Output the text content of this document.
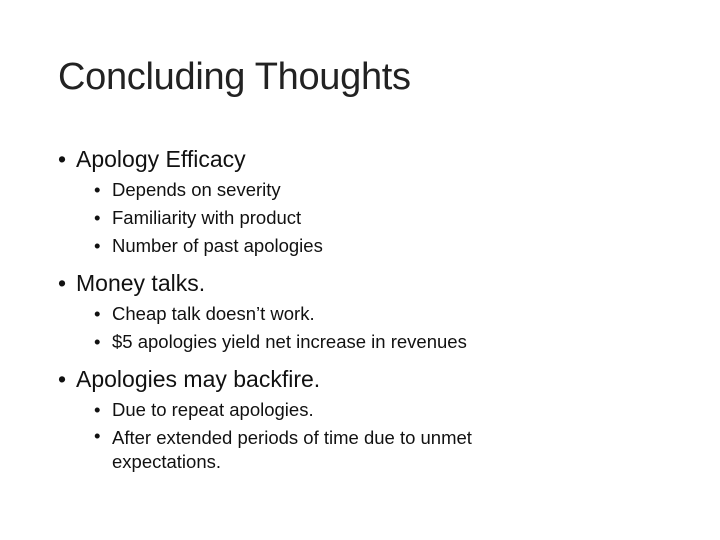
Concluding Thoughts
• Apology Efficacy
• Depends on severity
• Familiarity with product
• Number of past apologies
• Money talks.
• Cheap talk doesn’t work.
• $5 apologies yield net increase in revenues
• Apologies may backfire.
• Due to repeat apologies.
• After extended periods of time due to unmet expectations.
